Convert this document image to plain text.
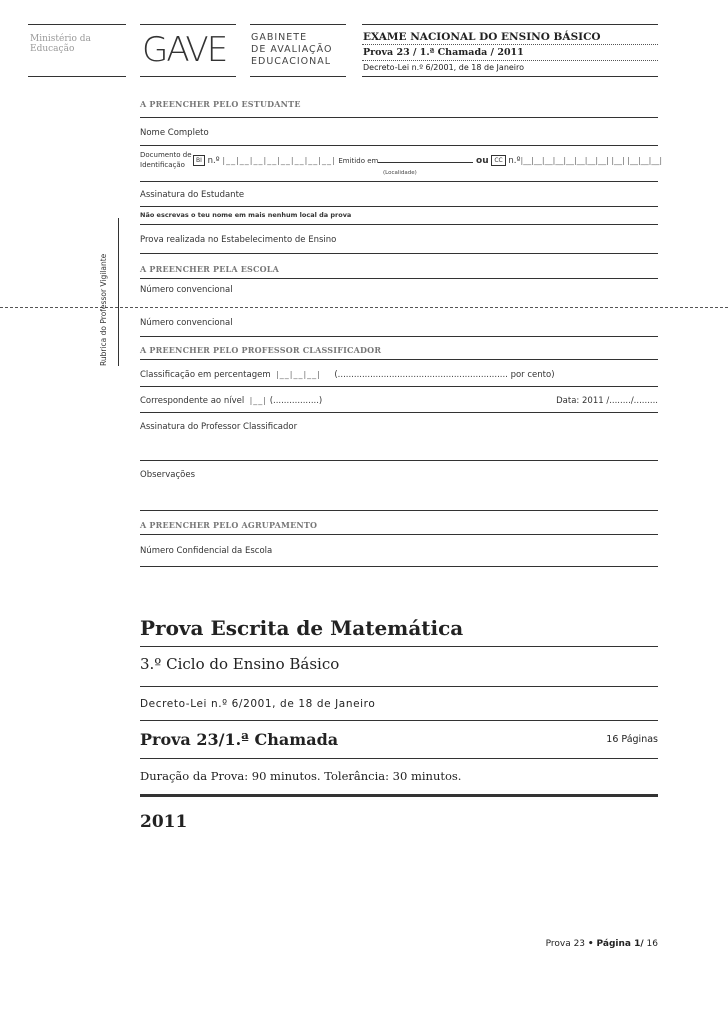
Ministério da Educação	GAVE	GABINETE
DE AVALIAÇÃO
EDUCACIONAL
EXAME NACIONAL DO ENSINO BÁSICO
Prova 23 / 1.ª Chamada / 2011
Decreto-Lei n.º 6/2001, de 18 de Janeiro
A PREENCHER PELO ESTUDANTE
Nome Completo
Documento de
Identificação
BI n.º |__|__|__|__|__|__|__|__| Emitido em	ou CC n.º|__|__|__|__|__|__|__|__| |__| |__|__|__|
(Localidade)
Assinatura do Estudante
Não escrevas o teu nome em mais nenhum local da prova
Prova realizada no Estabelecimento de Ensino
A PREENCHER PELA ESCOLA
Número convencional
Número convencional
Rubrica do Professor Vigilante	A PREENCHER PELO PROFESSOR CLASSIFICADOR
Classificação em percentagem |__|__|__| (............................................................... por cento)
Correspondente ao nível |__| (.................)	Data: 2011 /......../.........
Assinatura do Professor Classificador
Observações
A PREENCHER PELO AGRUPAMENTO
Número Confidencial da Escola
Prova Escrita de Matemática
3.º Ciclo do Ensino Básico
Decreto-Lei n.º 6/2001, de 18 de Janeiro
Prova 23/1.ª Chamada	16 Páginas
Duração da Prova: 90 minutos. Tolerância: 30 minutos.
2011
Prova 23 • Página 1/ 16
